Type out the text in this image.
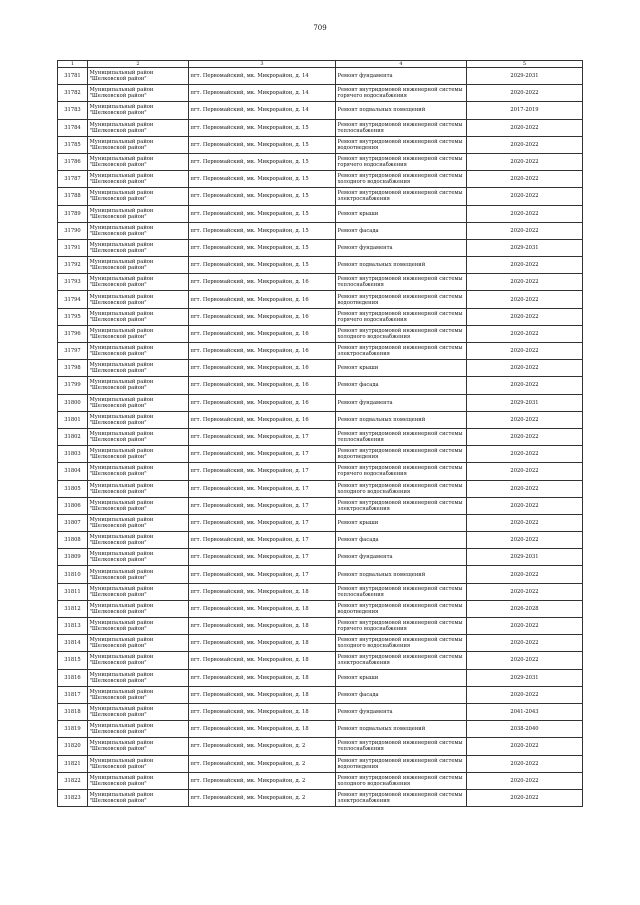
709
1	2	3	4	5
31781	Муниципальный район "Шелковской район"	пгт. Первомайский, мк. Микрорайон, д. 14	Ремонт фундаментa	2029-2031
31782	Муниципальный район "Шелковской район"	пгт. Первомайский, мк. Микрорайон, д. 14	Ремонт внутридомовой инженерной системы горячего водоснабжения	2020-2022
31783	Муниципальный район "Шелковской район"	пгт. Первомайский, мк. Микрорайон, д. 14	Ремонт подвальных помещений	2017-2019
31784	Муниципальный район "Шелковской район"	пгт. Первомайский, мк. Микрорайон, д. 15	Ремонт внутридомовой инженерной системы теплоснабжения	2020-2022
31785	Муниципальный район "Шелковской район"	пгт. Первомайский, мк. Микрорайон, д. 15	Ремонт внутридомовой инженерной системы водоотведения	2020-2022
31786	Муниципальный район "Шелковской район"	пгт. Первомайский, мк. Микрорайон, д. 15	Ремонт внутридомовой инженерной системы горячего водоснабжения	2020-2022
31787	Муниципальный район "Шелковской район"	пгт. Первомайский, мк. Микрорайон, д. 15	Ремонт внутридомовой инженерной системы холодного водоснабжения	2020-2022
31788	Муниципальный район "Шелковской район"	пгт. Первомайский, мк. Микрорайон, д. 15	Ремонт внутридомовой инженерной системы электроснабжения	2020-2022
31789	Муниципальный район "Шелковской район"	пгт. Первомайский, мк. Микрорайон, д. 15	Ремонт крыши	2020-2022
31790	Муниципальный район "Шелковской район"	пгт. Первомайский, мк. Микрорайон, д. 15	Ремонт фасада	2020-2022
31791	Муниципальный район "Шелковской район"	пгт. Первомайский, мк. Микрорайон, д. 15	Ремонт фундамента	2029-2031
31792	Муниципальный район "Шелковской район"	пгт. Первомайский, мк. Микрорайон, д. 15	Ремонт подвальных помещений	2020-2022
31793	Муниципальный район "Шелковской район"	пгт. Первомайский, мк. Микрорайон, д. 16	Ремонт внутридомовой инженерной системы теплоснабжения	2020-2022
31794	Муниципальный район "Шелковской район"	пгт. Первомайский, мк. Микрорайон, д. 16	Ремонт внутридомовой инженерной системы водоотведения	2020-2022
31795	Муниципальный район "Шелковской район"	пгт. Первомайский, мк. Микрорайон, д. 16	Ремонт внутридомовой инженерной системы горячего водоснабжения	2020-2022
31796	Муниципальный район "Шелковской район"	пгт. Первомайский, мк. Микрорайон, д. 16	Ремонт внутридомовой инженерной системы холодного водоснабжения	2020-2022
31797	Муниципальный район "Шелковской район"	пгт. Первомайский, мк. Микрорайон, д. 16	Ремонт внутридомовой инженерной системы электроснабжения	2020-2022
31798	Муниципальный район "Шелковской район"	пгт. Первомайский, мк. Микрорайон, д. 16	Ремонт крыши	2020-2022
31799	Муниципальный район "Шелковской район"	пгт. Первомайский, мк. Микрорайон, д. 16	Ремонт фасада	2020-2022
31800	Муниципальный район "Шелковской район"	пгт. Первомайский, мк. Микрорайон, д. 16	Ремонт фундамента	2029-2031
31801	Муниципальный район "Шелковской район"	пгт. Первомайский, мк. Микрорайон, д. 16	Ремонт подвальных помещений	2020-2022
31802	Муниципальный район "Шелковской район"	пгт. Первомайский, мк. Микрорайон, д. 17	Ремонт внутридомовой инженерной системы теплоснабжения	2020-2022
31803	Муниципальный район "Шелковской район"	пгт. Первомайский, мк. Микрорайон, д. 17	Ремонт внутридомовой инженерной системы водоотведения	2020-2022
31804	Муниципальный район "Шелковской район"	пгт. Первомайский, мк. Микрорайон, д. 17	Ремонт внутридомовой инженерной системы горячего водоснабжения	2020-2022
31805	Муниципальный район "Шелковской район"	пгт. Первомайский, мк. Микрорайон, д. 17	Ремонт внутридомовой инженерной системы холодного водоснабжения	2020-2022
31806	Муниципальный район "Шелковской район"	пгт. Первомайский, мк. Микрорайон, д. 17	Ремонт внутридомовой инженерной системы электроснабжения	2020-2022
31807	Муниципальный район "Шелковской район"	пгт. Первомайский, мк. Микрорайон, д. 17	Ремонт крыши	2020-2022
31808	Муниципальный район "Шелковской район"	пгт. Первомайский, мк. Микрорайон, д. 17	Ремонт фасада	2020-2022
31809	Муниципальный район "Шелковской район"	пгт. Первомайский, мк. Микрорайон, д. 17	Ремонт фундамента	2029-2031
31810	Муниципальный район "Шелковской район"	пгт. Первомайский, мк. Микрорайон, д. 17	Ремонт подвальных помещений	2020-2022
31811	Муниципальный район "Шелковской район"	пгт. Первомайский, мк. Микрорайон, д. 18	Ремонт внутридомовой инженерной системы теплоснабжения	2020-2022
31812	Муниципальный район "Шелковской район"	пгт. Первомайский, мк. Микрорайон, д. 18	Ремонт внутридомовой инженерной системы водоотведения	2026-2028
31813	Муниципальный район "Шелковской район"	пгт. Первомайский, мк. Микрорайон, д. 18	Ремонт внутридомовой инженерной системы горячего водоснабжения	2020-2022
31814	Муниципальный район "Шелковской район"	пгт. Первомайский, мк. Микрорайон, д. 18	Ремонт внутридомовой инженерной системы холодного водоснабжения	2020-2022
31815	Муниципальный район "Шелковской район"	пгт. Первомайский, мк. Микрорайон, д. 18	Ремонт внутридомовой инженерной системы электроснабжения	2020-2022
31816	Муниципальный район "Шелковской район"	пгт. Первомайский, мк. Микрорайон, д. 18	Ремонт крыши	2029-2031
31817	Муниципальный район "Шелковской район"	пгт. Первомайский, мк. Микрорайон, д. 18	Ремонт фасада	2020-2022
31818	Муниципальный район "Шелковской район"	пгт. Первомайский, мк. Микрорайон, д. 18	Ремонт фундамента	2041-2043
31819	Муниципальный район "Шелковской район"	пгт. Первомайский, мк. Микрорайон, д. 18	Ремонт подвальных помещений	2038-2040
31820	Муниципальный район "Шелковской район"	пгт. Первомайский, мк. Микрорайон, д. 2	Ремонт внутридомовой инженерной системы теплоснабжения	2020-2022
31821	Муниципальный район "Шелковской район"	пгт. Первомайский, мк. Микрорайон, д. 2	Ремонт внутридомовой инженерной системы водоотведения	2020-2022
31822	Муниципальный район "Шелковской район"	пгт. Первомайский, мк. Микрорайон, д. 2	Ремонт внутридомовой инженерной системы холодного водоснабжения	2020-2022
31823	Муниципальный район "Шелковской район"	пгт. Первомайский, мк. Микрорайон, д. 2	Ремонт внутридомовой инженерной системы электроснабжения	2020-2022
